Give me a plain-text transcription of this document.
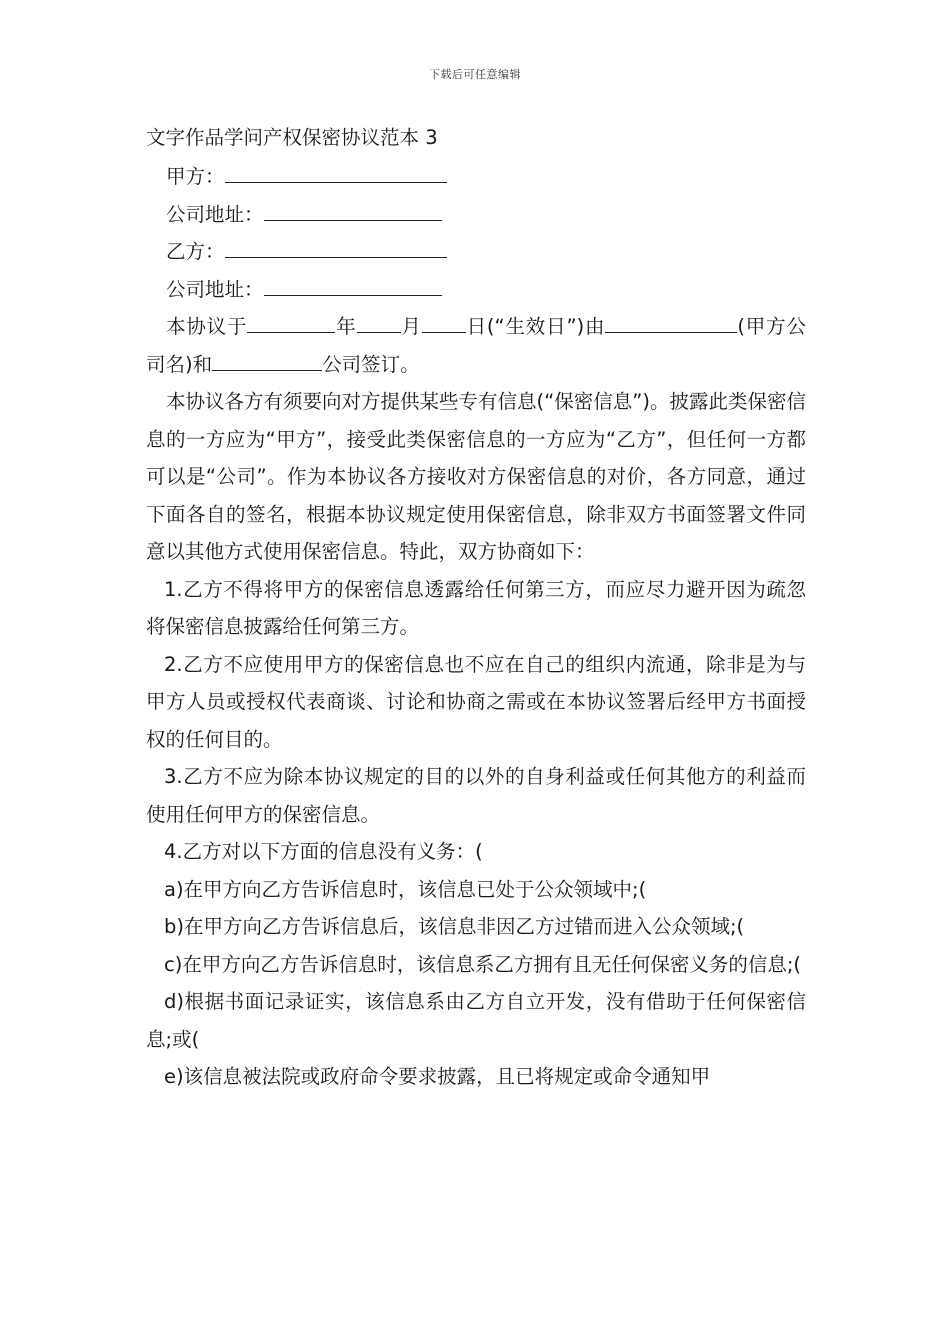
下载后可任意编辑
文字作品学问产权保密协议范本 3
甲方：
公司地址：
乙方：
公司地址：

本协议于	年 月 日(“生效日”)由	(甲方公司名)和	公司签订。

本协议各方有须要向对方提供某些专有信息(“保密信息”)。披露此类保密信息的一方应为“甲方”，接受此类保密信息的一方应为“乙方”，但任何一方都可以是“公司”。作为本协议各方接收对方保密信息的对价，各方同意，通过下面各自的签名，根据本协议规定使用保密信息，除非双方书面签署文件同意以其他方式使用保密信息。特此，双方协商如下：

1.乙方不得将甲方的保密信息透露给任何第三方，而应尽力避开因为疏忽将保密信息披露给任何第三方。

2.乙方不应使用甲方的保密信息也不应在自己的组织内流通，除非是为与甲方人员或授权代表商谈、讨论和协商之需或在本协议签署后经甲方书面授权的任何目的。

3.乙方不应为除本协议规定的目的以外的自身利益或任何其他方的利益而使用任何甲方的保密信息。

4.乙方对以下方面的信息没有义务：(

a)在甲方向乙方告诉信息时，该信息已处于公众领域中;(

b)在甲方向乙方告诉信息后，该信息非因乙方过错而进入公众领域;(

c)在甲方向乙方告诉信息时，该信息系乙方拥有且无任何保密义务的信息;(

d)根据书面记录证实，该信息系由乙方自立开发，没有借助于任何保密信息;或(

e)该信息被法院或政府命令要求披露，且已将规定或命令通知甲
